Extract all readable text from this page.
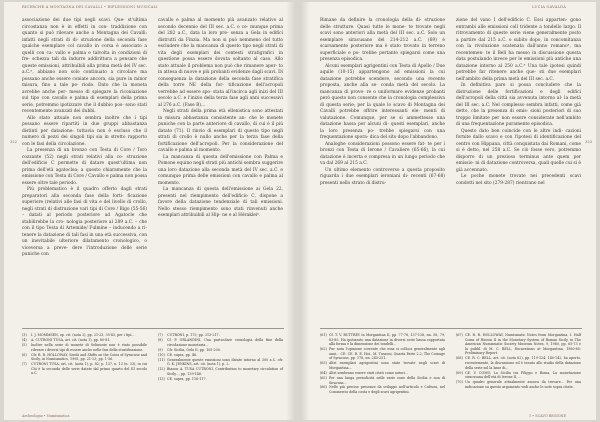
RICERCHE A MONTAGNA DEI CAVALLI • RIFLESSIONI MUSICALI
322

associazione dei due tipi negli scavi. Que- st'ultima circostanza non è in effetti in con- traddizione con quanto si può rilevare anche a Montagna dei Cavalli: infatti negli strati di di- struzione della seconda fase qualche esemplare col cavallo in corsa è associato a quelli con ca- vallo e palma e talvolta in condizioni di fre- schezza tali da indurre addirittura a pensare che queste emissioni, attribuibili alla prima metà del IV sec. a.C.ⁿ, abbiano non solo continuato a circolare ma possano anche essere coniate ancora, sia pure in minor misura, fino a tale pe- riodo. Dato che la moneta avrebbe anche per- messo di spiegare la riconiazione sul tipo con cavallo e palma di esemplari della prima serie, potremmo ipotizzare che il dubbio pos- sono stati recentemente avanzati dei dubbi.

Allo stato attuale non sembra inoltre che i tipi possano essere ripartiti in due gruppi abbastanza distinti per datazione: tuttavia non è escluso che il numero di pezzi dei singoli tipi sia in stretto rapporto con le fasi della circolazione.

La presenza di un bronzo con Testa di Core / Toro cozzante (52) negli strati relativi alla co- struzione dell'edificio C permette di datare quest'ultima non prima dell'età agatoclea; a questo chiaramente che la emissione con Testa di Core / Cavallo e palma non possa essere oltre tale periodo.

Più problematico è il quadro offerto dagli strati preparatori alla seconda fase della forti- ficazione superiore (relativi alle fasi di vita e del livello di crollo, negli strati di distruzione vari tipi di Core / Bigo (55-56) – datati al periodo posteriore ad Agatocle che stabilirebbe la cro- nologia posteriore al 289 a.C. – che con il tipo Testa di Artemide/ Fulmine – inducendo a ri- tenere la datazione di tali fasi in una età successiva, con un inevitabile ulteriore dilatamento cronologico, o viceversa a preve- dere l'introduzione delle serie puniche con

cavallo e palma al momento più avanzato relativo al secondo decennio del III sec. a.C. o ce- munque prima del 282 a.C., data la loro pre- senza a Gela in edifici distrutti da Finzia. Ma non si può nemmeno del tutto escludere che la mancanza di questo tipo negli strati di vita degli esemplari dei contesti stratigrafici in questione possa essere dovuta soltanto al caso. Allo stato attuale il problema non può che rimanere aper- to in attesa di nuove e più probanti evidenze dagli scavi. Di conseguenza la datazione della seconda fase stratifica della torre NE della for- tificazione dell'acropoli verrebbe ad essere spo- stata all'incirca agli inizi del III secolo a.C. e l'inizio della terza fase agli anni successivi al 276 a.C. (Fase B)...

Negli strati della prima età ellenistica sono attestati in misura abbastanza consistente an- che le monete puniche con la parte anteriore di cavallo, di cui è il più datato (71). Il rinvio di esemplari di questo tipo negli strati di crollo è nullo anche per la terza fase della fortificazione dell'acropoli. Per la considerazione del cavallo e palma al momento.

La mancanza di questa dell'emissione con Palma e Pomone equino negli strati più antichi sembra suggerire una loro datazione alla seconda metà del IV sec. a.C. e comunque prima delle emissioni con cavallo e palma al momento.

La mancanza di questa dell'emissione ai Gela 22, presenti nel riempimento dell'edificio C, dispone a favore della datazione tendenziale di tali emissioni. Nello stesso riempimento sono stati rinvenuti anche esemplari attribuibili al Hip- ne e al Hérakleiⁿ.

(3)	I. J. MOMMSEN, op. cit. (nota 2), pp. 21-23, 35-43, per i tipi...
(4)	A. CUTRONI TUSA, art. cit. (nota 1), pp. 80-81.
(5)	Inoltre nella serie di monete di Selinunte non è stato possibile rilevare i diversi tipi di essere anche nelle fasi della stratificazione.
(6)	Cfr. R. R. HOLLOWAY, Seeds and Shifts on the Coins of Syracuse and Sicily, in Numismatics, 1995, pp. 21-23; pp. 1-56.
(7)	CUTRONI TUSA, art. cit. (nota 1), p. 82; p. 137, n. 13 (n. 33), in cui Chi è la seconda delle serie datate dal primo quarto del III secolo a.C.
(7)	CUTRONI, p. 175; pp. 213-217.
(8)	Cf. P. ORLANDINI, Una particolare cronologia della fine della circolazione monetaria...
(9)	Cfr. Sicilia, Gela II, pp. 105-200.
(10) CE. supra, pp. 46.
(11) Generalmente queste emissioni sono datate intorno al 300 a.C. cfr. G. K. JENKINS, art. cit. (nota 1), p. 2.
(12) Bianca A. TUSA CUTRONI, Contribution to monetary circulation of Sicily..., pp. 139-146.
(13) CE. supra, pp. 116-117.
Archeologia • Numismatica
LUCIA GAVALDÀ
323

Rimane da definire la cronologia della di- struzione delle strutture. Quasi tutte le mone- te trovate negli scavi sono anteriori alla metà del III sec. a.C. Solo un esemplare siracusano del 214-212 a.C. (69) è scarsamente posteriore ma è stato trovato in terreno superficiale e po- trebbe pertanto spiegarsi come una presenza episodica.

Alcuni esemplari agrigentini con Testa di Apollo / Due aquile (10-15) appartengono ad emissioni la cui datazione potrebbe scendere, secondo una recente proposta, anche alla se- conda metà del secolo. La mancanza di prove- re o uniformare evidenze probanti però questo non consente che la cronologia complessiva di questa serie; per la quale lo scavo di Montagna dei Cavalli potrebbe offrire interessanti ele- menti di valutazione. Comunque, per se si ammettesse una datazione bassa per alcuni di- questi esemplari, anche la loro presenza po- trebbe spiegarsi con una frequentazione spora- dica del sito dopo l'abbandono.

Analoghe considerazioni possono essere fat- te per i bronzi con Testa di Ierone / Cavaliere (65-66), la cui datazione è incerta e compresa in un lungo periodo che va dal 269 al 215 a.C.

Un ultimo elemento controverso a questa proposito riguarda i due esemplari ieroniani di- recenti (67-68) presenti nello strato di distru-

zione del vano I dell'edificio C. Essi apparten- gono entrambi alle emissioni coll tridente a tondello largo. Il ritrovamento di queste serie viene generalmente posto a partire dal 215 a.C. o subito dopo, in concomitanza con la rivoluzione scatenata dall'anno romanoⁿ, ma recentemen- te il Bell ha messo in discussione questa data postulando invece per le emissioni più antiche una datazione intorno al 250 a.C.ⁿ Una tale ipotesi quindi potrebbe far ritenere anche que- sti due esemplari nell'ambito della prima metà del III sec. a.C.

In definitiva pare si possa concludere che la distruzione delle fortificazioni e degli edifici dell'acropoli della città sia avvenuta intorno al- la metà del III sec. a.C. Nel complesso sembra infatti, come già detto, che la presenza di emis- sioni posteriori di suo troppo limitate per non essere considerate nell'ambito di una frequentazione puramente episodica.

Questo dato ben coincide con le altre indi- cazioni fornite dallo scavo e con l'ipotesi di identificazione del centro con Hippana, città conquistata dai Romani, come si è detto, nel 258 a.C. Se ciò fosse vero, potremmo disporre di un prezioso terminus ante quem per emissio- ni di datazione controversa, quali quelle cui si è già accennato.

Le poche monete trovate nei precedenti scavi condotti nel sito (279-287) rientrano nel

(61) Cf. T. V. BUTTREY in Morgantina II, pp. 77-78, 137-138, nn. 58, 79, 83-85. Ha ipotizzato una datazione in diversi serie bassa rapportata alla forma e la dimensione dei tondelli...
(62) Pur nota l'opinione corrente che essa si colloca generalmente agli anni... CE. CE. R. E. Hoi., M. Tussoni, Quarta Parte 2.2, The Coinage of Syracuse, pp. 178, nn. 245-251.
(63) Altri esemplari agrigentini sono state trovate negli scavi di Morgantina...
(64) Altri sembrano essere stati citati come autori...
(65) Per una lunga periodicità nelle varie zone della Sicilia e non di Siracusa...
(66) Nelle più precise presenze da sviluppo nell'articolo e Cultura, nel Commercio della costa e degli scavi agrigentini.
(67) CE. R. R. HOLLOWAY, Numismatic Notes from Morgantina, I. Half Coins of Hieron II in the Monetary System of Roman Sicily, in The American Numismatic Society Museum Notes, 9, 1960, pp. 65-73 e la pubbl. di M. C. BELL, Excavations at Morgantina, 1980-85: Preliminary Report.
(68) CE. R. C. BELL, art. cit. (nota 62), pp. 119-124, 140-142, ha aperto, recentemente, la discussione ed è tenuto allo studio della datazione della serie sul la base di...
(69) CE. V. COMO, La Sicilia tra Filippo e Roma, La monetazione siracusana dell'età di Ierone II, ...
(70) Un quadro generale attualmente ancora da trovare... Per una indicazione su questo argomento vedi anche le note sopra citate.
1 • SCAVO REGIONE
